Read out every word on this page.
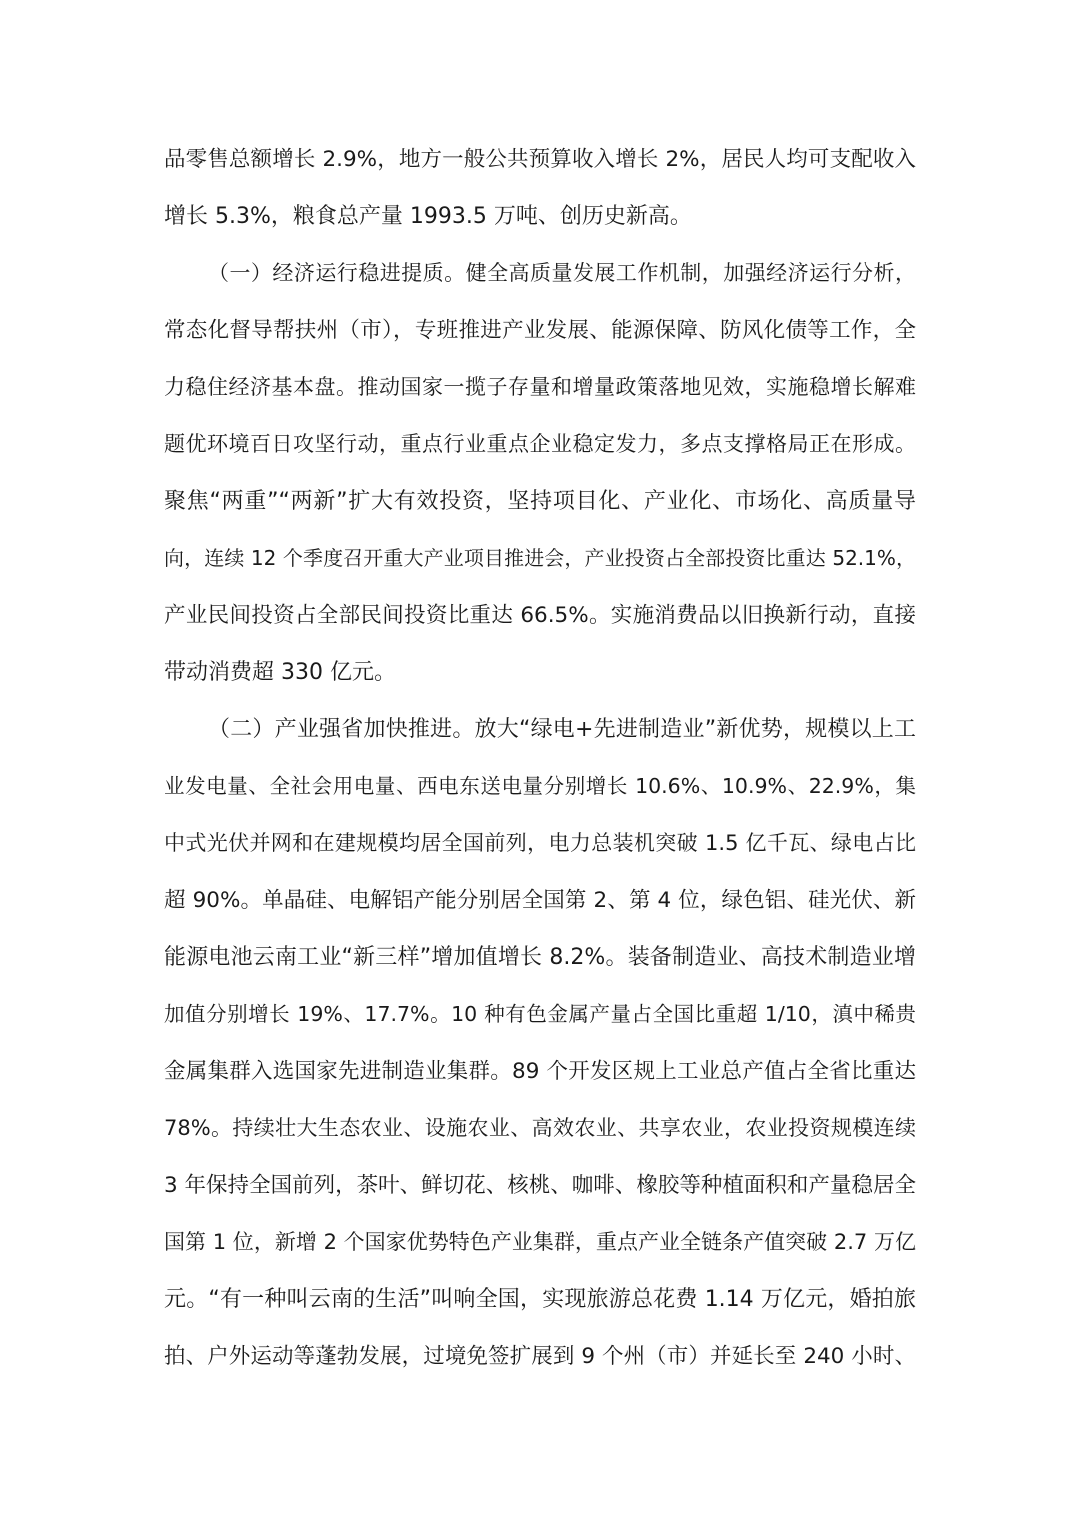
品零售总额增长 2.9%，地方一般公共预算收入增长 2%，居民人均可支配收入
增长 5.3%，粮食总产量 1993.5 万吨、创历史新高。
（一）经济运行稳进提质。健全高质量发展工作机制，加强经济运行分析，
常态化督导帮扶州（市），专班推进产业发展、能源保障、防风化债等工作，全
力稳住经济基本盘。推动国家一揽子存量和增量政策落地见效，实施稳增长解难
题优环境百日攻坚行动，重点行业重点企业稳定发力，多点支撑格局正在形成。
聚焦“两重”“两新”扩大有效投资，坚持项目化、产业化、市场化、高质量导
向，连续 12 个季度召开重大产业项目推进会，产业投资占全部投资比重达 52.1%，
产业民间投资占全部民间投资比重达 66.5%。实施消费品以旧换新行动，直接
带动消费超 330 亿元。
（二）产业强省加快推进。放大“绿电+先进制造业”新优势，规模以上工
业发电量、全社会用电量、西电东送电量分别增长 10.6%、10.9%、22.9%，集
中式光伏并网和在建规模均居全国前列，电力总装机突破 1.5 亿千瓦、绿电占比
超 90%。单晶硅、电解铝产能分别居全国第 2、第 4 位，绿色铝、硅光伏、新
能源电池云南工业“新三样”增加值增长 8.2%。装备制造业、高技术制造业增
加值分别增长 19%、17.7%。10 种有色金属产量占全国比重超 1/10，滇中稀贵
金属集群入选国家先进制造业集群。89 个开发区规上工业总产值占全省比重达
78%。持续壮大生态农业、设施农业、高效农业、共享农业，农业投资规模连续
3 年保持全国前列，茶叶、鲜切花、核桃、咖啡、橡胶等种植面积和产量稳居全
国第 1 位，新增 2 个国家优势特色产业集群，重点产业全链条产值突破 2.7 万亿
元。“有一种叫云南的生活”叫响全国，实现旅游总花费 1.14 万亿元，婚拍旅
拍、户外运动等蓬勃发展，过境免签扩展到 9 个州（市）并延长至 240 小时、
